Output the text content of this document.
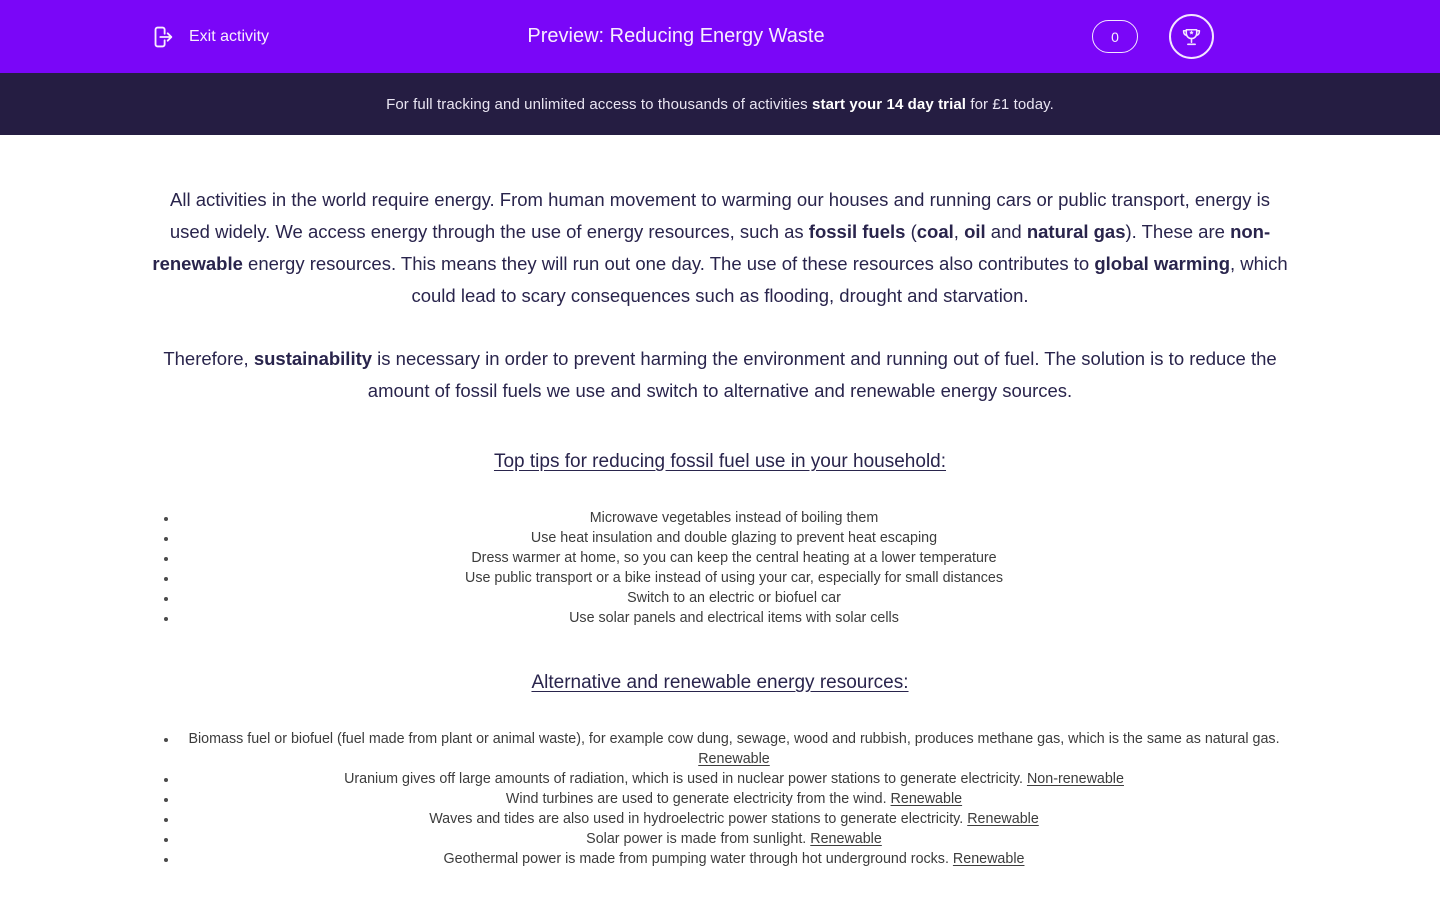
Exit activity	Preview: Reducing Energy Waste	0

For full tracking and unlimited access to thousands of activities start your 14 day trial for £1 today.

All activities in the world require energy. From human movement to warming our houses and running cars or public transport, energy is used widely. We access energy through the use of energy resources, such as fossil fuels (coal, oil and natural gas). These are non-renewable energy resources. This means they will run out one day. The use of these resources also contributes to global warming, which could lead to scary consequences such as flooding, drought and starvation.

Therefore, sustainability is necessary in order to prevent harming the environment and running out of fuel. The solution is to reduce the amount of fossil fuels we use and switch to alternative and renewable energy sources.

Top tips for reducing fossil fuel use in your household:
• Microwave vegetables instead of boiling them
• Use heat insulation and double glazing to prevent heat escaping
• Dress warmer at home, so you can keep the central heating at a lower temperature
• Use public transport or a bike instead of using your car, especially for small distances
• Switch to an electric or biofuel car
• Use solar panels and electrical items with solar cells
Alternative and renewable energy resources:
• Biomass fuel or biofuel (fuel made from plant or animal waste), for example cow dung, sewage, wood and rubbish, produces methane gas, which is the same as natural gas. Renewable
• Uranium gives off large amounts of radiation, which is used in nuclear power stations to generate electricity. Non-renewable
• Wind turbines are used to generate electricity from the wind. Renewable
• Waves and tides are also used in hydroelectric power stations to generate electricity. Renewable
• Solar power is made from sunlight. Renewable
• Geothermal power is made from pumping water through hot underground rocks. Renewable
